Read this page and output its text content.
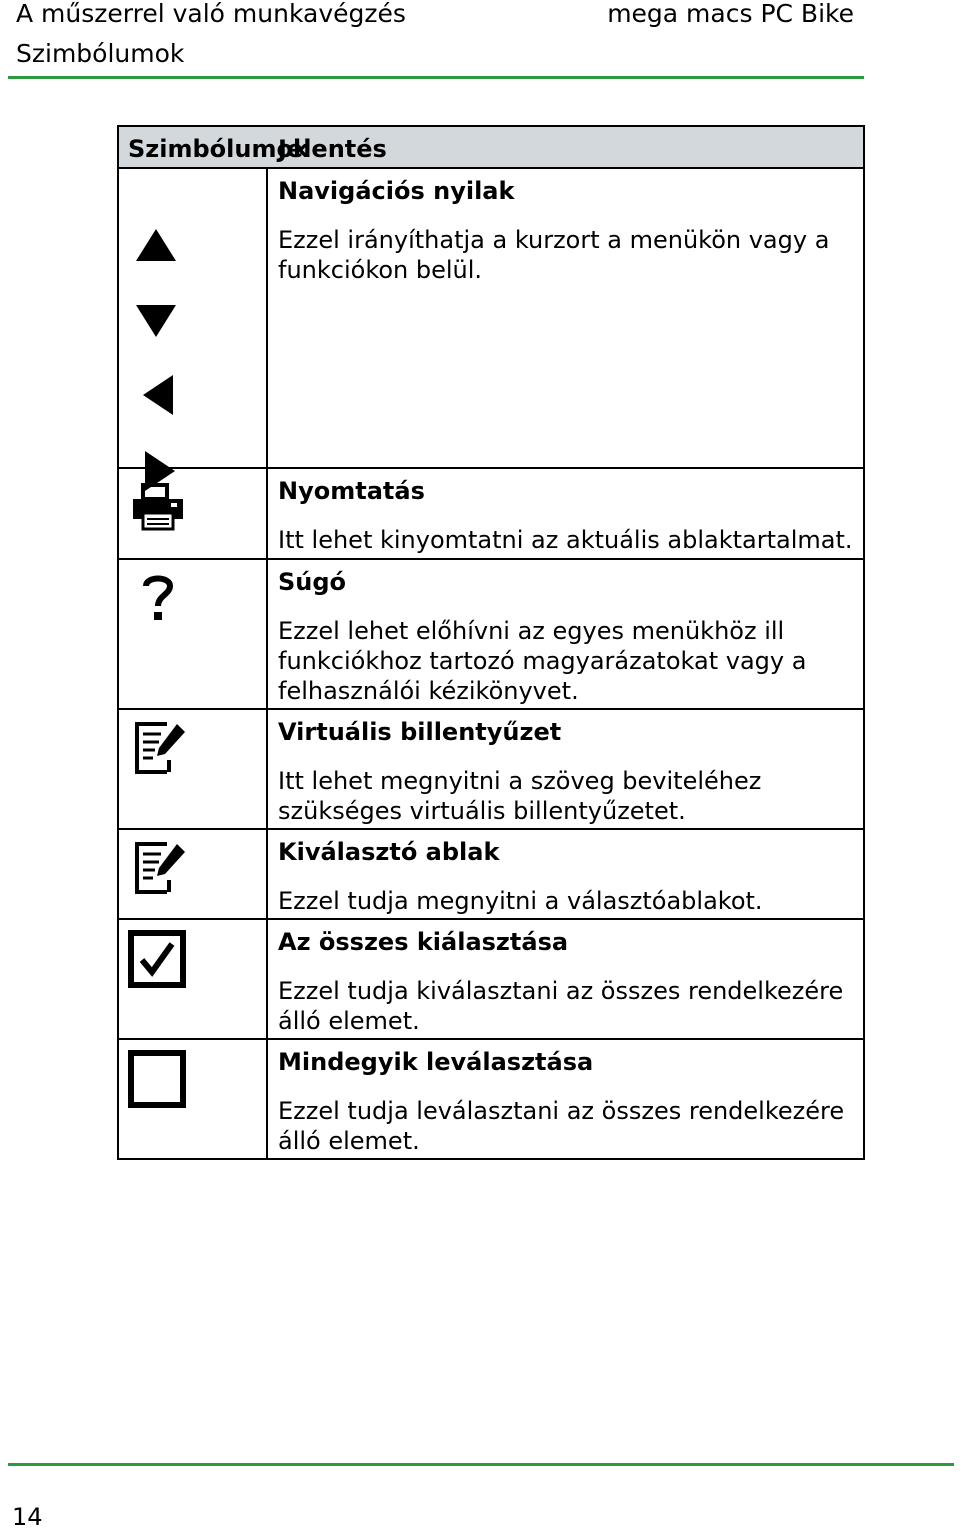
A műszerrel való munkavégzés	mega macs PC Bike
Szimbólumok
Szimbólumok
Jelentés
Navigációs nyilak
Ezzel irányíthatja a kurzort a menükön vagy a funkciókon belül.
Nyomtatás
Itt lehet kinyomtatni az aktuális ablaktartalmat.
Súgó
Ezzel lehet előhívni az egyes menükhöz ill funkciókhoz tartozó magyarázatokat vagy a felhasználói kézikönyvet.
Virtuális billentyűzet
Itt lehet megnyitni a szöveg beviteléhez szükséges virtuális billentyűzetet.
Kiválasztó ablak
Ezzel tudja megnyitni a választóablakot.
Az összes kiálasztása
Ezzel tudja kiválasztani az összes rendelkezére álló elemet.
Mindegyik leválasztása
Ezzel tudja leválasztani az összes rendelkezére álló elemet.
14
